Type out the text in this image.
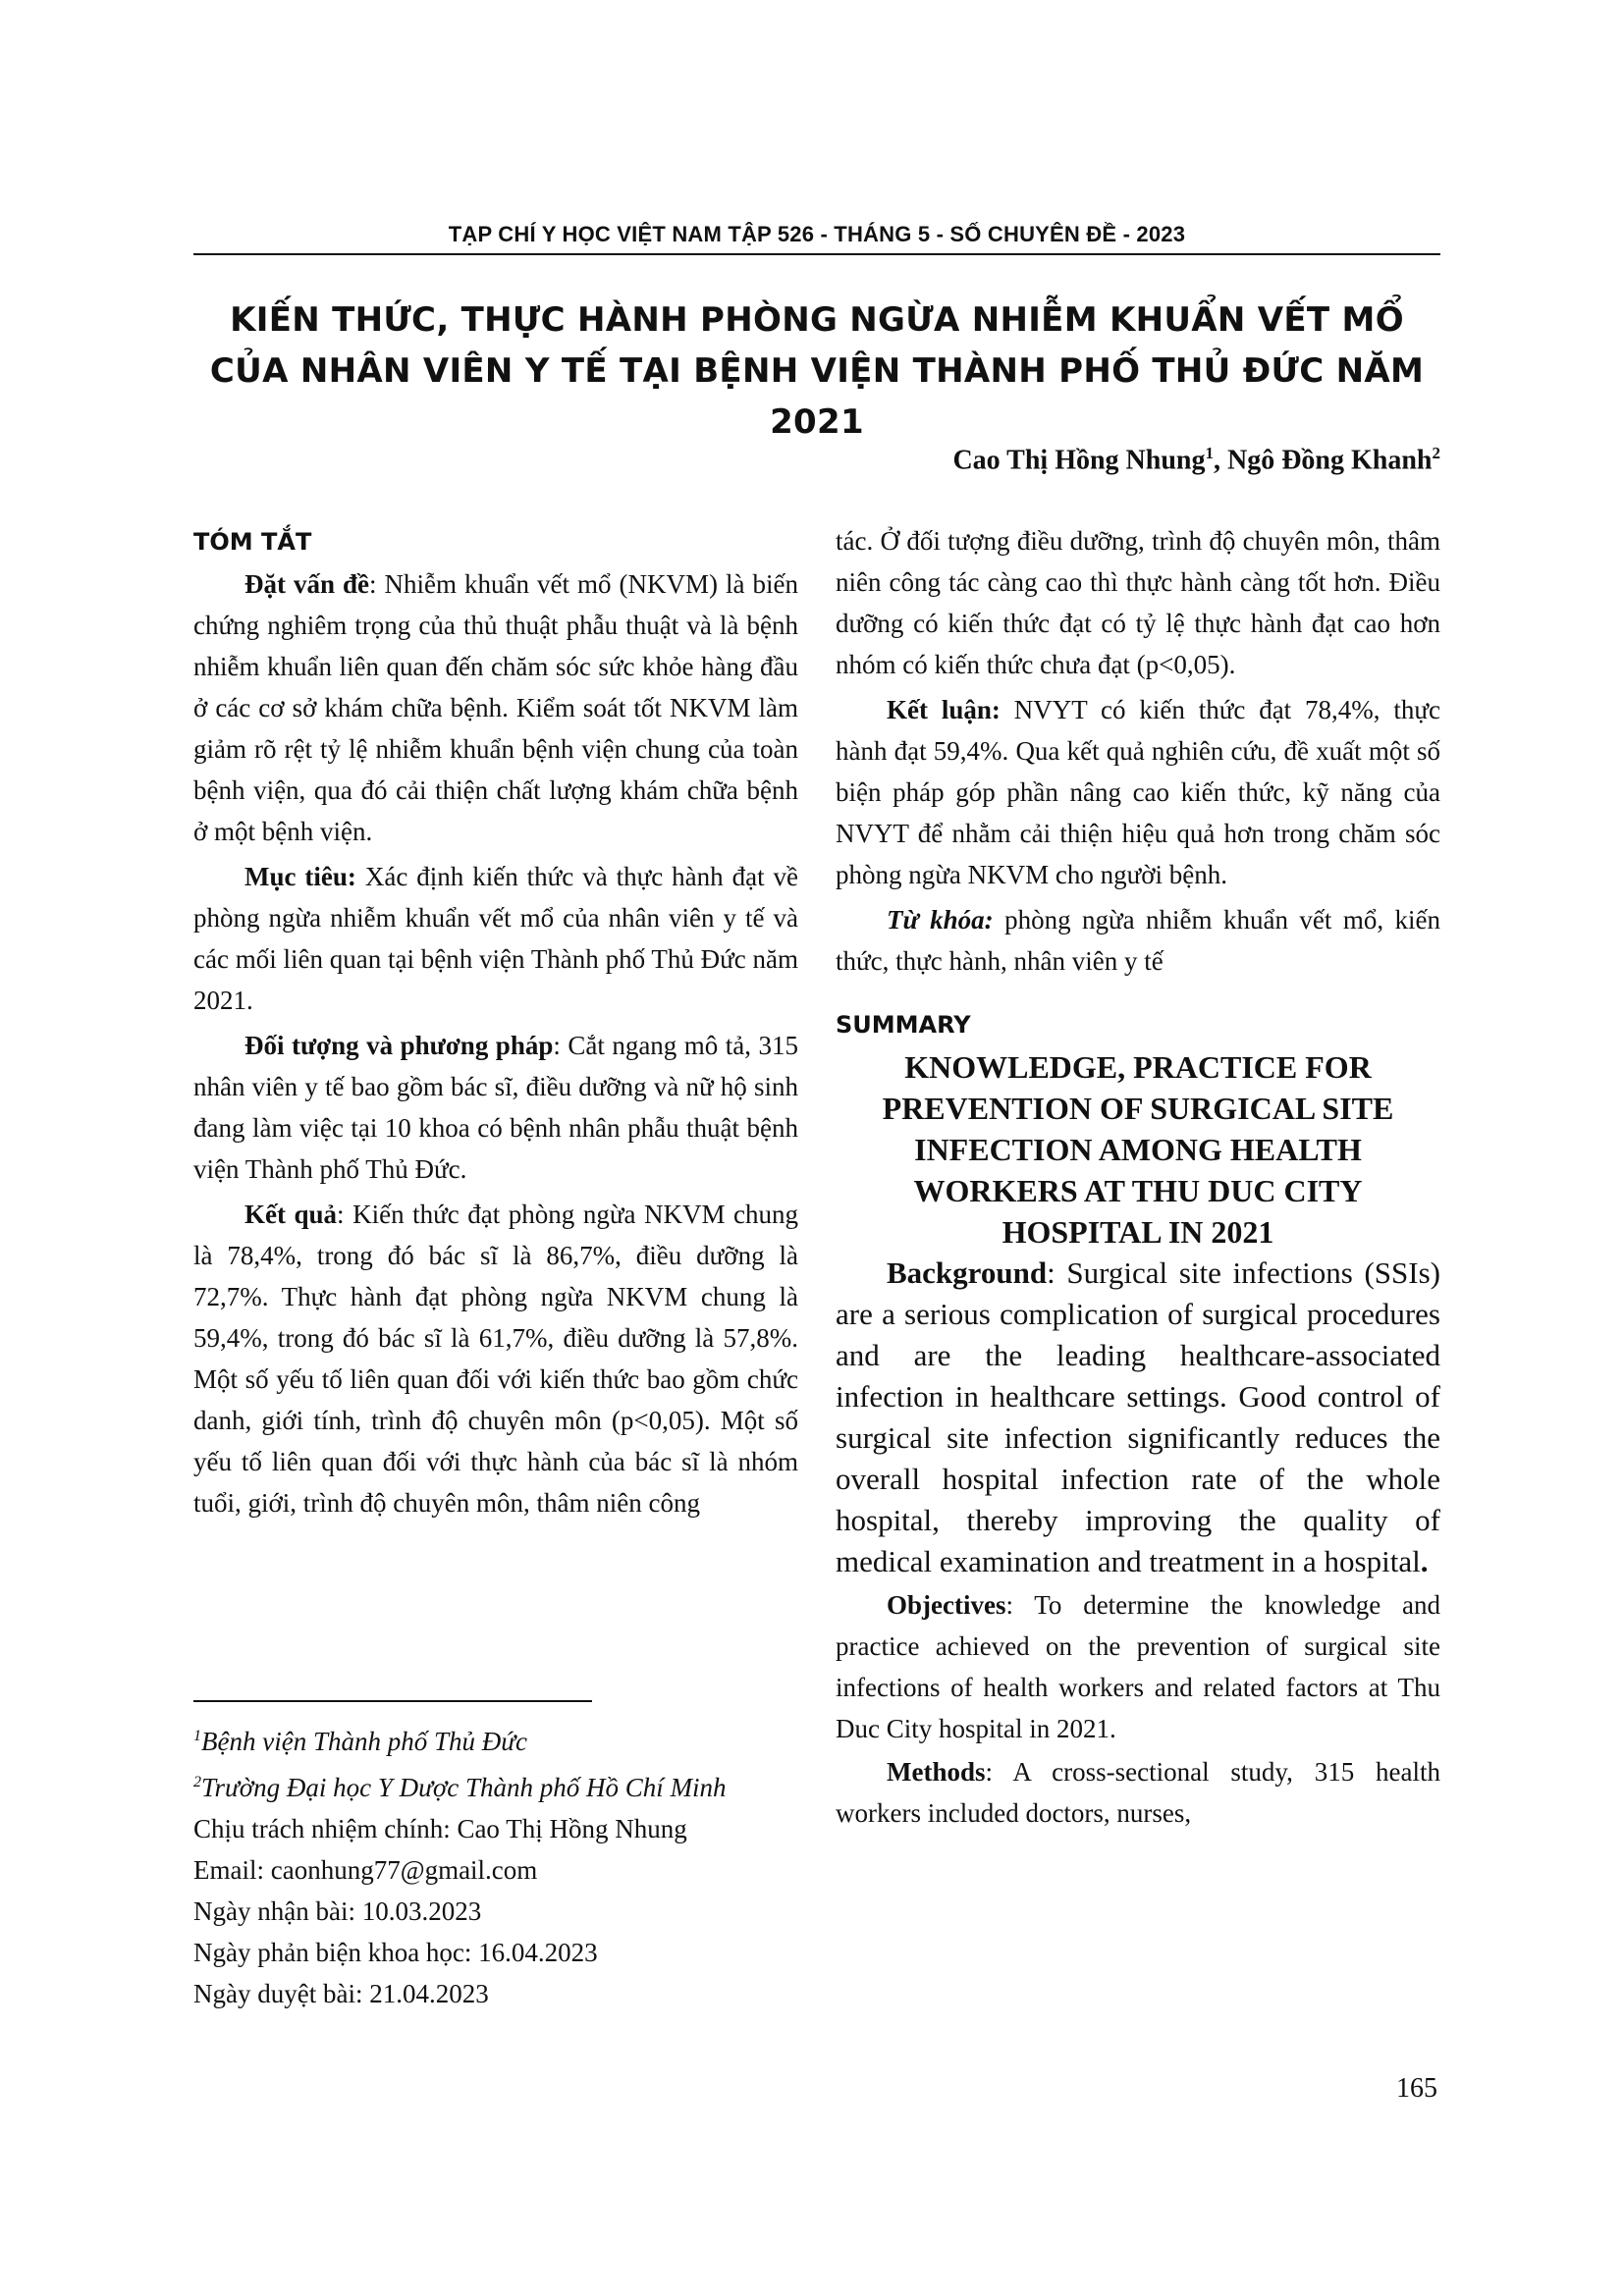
TẠP CHÍ Y HỌC VIỆT NAM TẬP 526 - THÁNG 5 - SỐ CHUYÊN ĐỀ - 2023
KIẾN THỨC, THỰC HÀNH PHÒNG NGỪA NHIỄM KHUẨN VẾT MỔ
CỦA NHÂN VIÊN Y TẾ TẠI BỆNH VIỆN THÀNH PHỐ THỦ ĐỨC NĂM 2021
Cao Thị Hồng Nhung$^1$, Ngô Đồng Khanh$^2$
TÓM TẮT

Đặt vấn đề: Nhiễm khuẩn vết mổ (NKVM) là biến chứng nghiêm trọng của thủ thuật phẫu thuật và là bệnh nhiễm khuẩn liên quan đến chăm sóc sức khỏe hàng đầu ở các cơ sở khám chữa bệnh. Kiểm soát tốt NKVM làm giảm rõ rệt tỷ lệ nhiễm khuẩn bệnh viện chung của toàn bệnh viện, qua đó cải thiện chất lượng khám chữa bệnh ở một bệnh viện.

Mục tiêu: Xác định kiến thức và thực hành đạt về phòng ngừa nhiễm khuẩn vết mổ của nhân viên y tế và các mối liên quan tại bệnh viện Thành phố Thủ Đức năm 2021.

Đối tượng và phương pháp: Cắt ngang mô tả, 315 nhân viên y tế bao gồm bác sĩ, điều dưỡng và nữ hộ sinh đang làm việc tại 10 khoa có bệnh nhân phẫu thuật bệnh viện Thành phố Thủ Đức.

Kết quả: Kiến thức đạt phòng ngừa NKVM chung là 78,4%, trong đó bác sĩ là 86,7%, điều dưỡng là 72,7%. Thực hành đạt phòng ngừa NKVM chung là 59,4%, trong đó bác sĩ là 61,7%, điều dưỡng là 57,8%. Một số yếu tố liên quan đối với kiến thức bao gồm chức danh, giới tính, trình độ chuyên môn (p<0,05). Một số yếu tố liên quan đối với thực hành của bác sĩ là nhóm tuổi, giới, trình độ chuyên môn, thâm niên công

$^1$Bệnh viện Thành phố Thủ Đức
$^2$Trường Đại học Y Dược Thành phố Hồ Chí Minh
Chịu trách nhiệm chính: Cao Thị Hồng Nhung
Email: caonhung77@gmail.com
Ngày nhận bài: 10.03.2023
Ngày phản biện khoa học: 16.04.2023
Ngày duyệt bài: 21.04.2023

tác. Ở đối tượng điều dưỡng, trình độ chuyên môn, thâm niên công tác càng cao thì thực hành càng tốt hơn. Điều dưỡng có kiến thức đạt có tỷ lệ thực hành đạt cao hơn nhóm có kiến thức chưa đạt (p<0,05).

Kết luận: NVYT có kiến thức đạt 78,4%, thực hành đạt 59,4%. Qua kết quả nghiên cứu, đề xuất một số biện pháp góp phần nâng cao kiến thức, kỹ năng của NVYT để nhằm cải thiện hiệu quả hơn trong chăm sóc phòng ngừa NKVM cho người bệnh.

Từ khóa: phòng ngừa nhiễm khuẩn vết mổ, kiến thức, thực hành, nhân viên y tế

SUMMARY
KNOWLEDGE, PRACTICE FOR PREVENTION OF SURGICAL SITE INFECTION AMONG HEALTH WORKERS AT THU DUC CITY HOSPITAL IN 2021

Background: Surgical site infections (SSIs) are a serious complication of surgical procedures and are the leading healthcare-associated infection in healthcare settings. Good control of surgical site infection significantly reduces the overall hospital infection rate of the whole hospital, thereby improving the quality of medical examination and treatment in a hospital.

Objectives: To determine the knowledge and practice achieved on the prevention of surgical site infections of health workers and related factors at Thu Duc City hospital in 2021.

Methods: A cross-sectional study, 315 health workers included doctors, nurses,

165
